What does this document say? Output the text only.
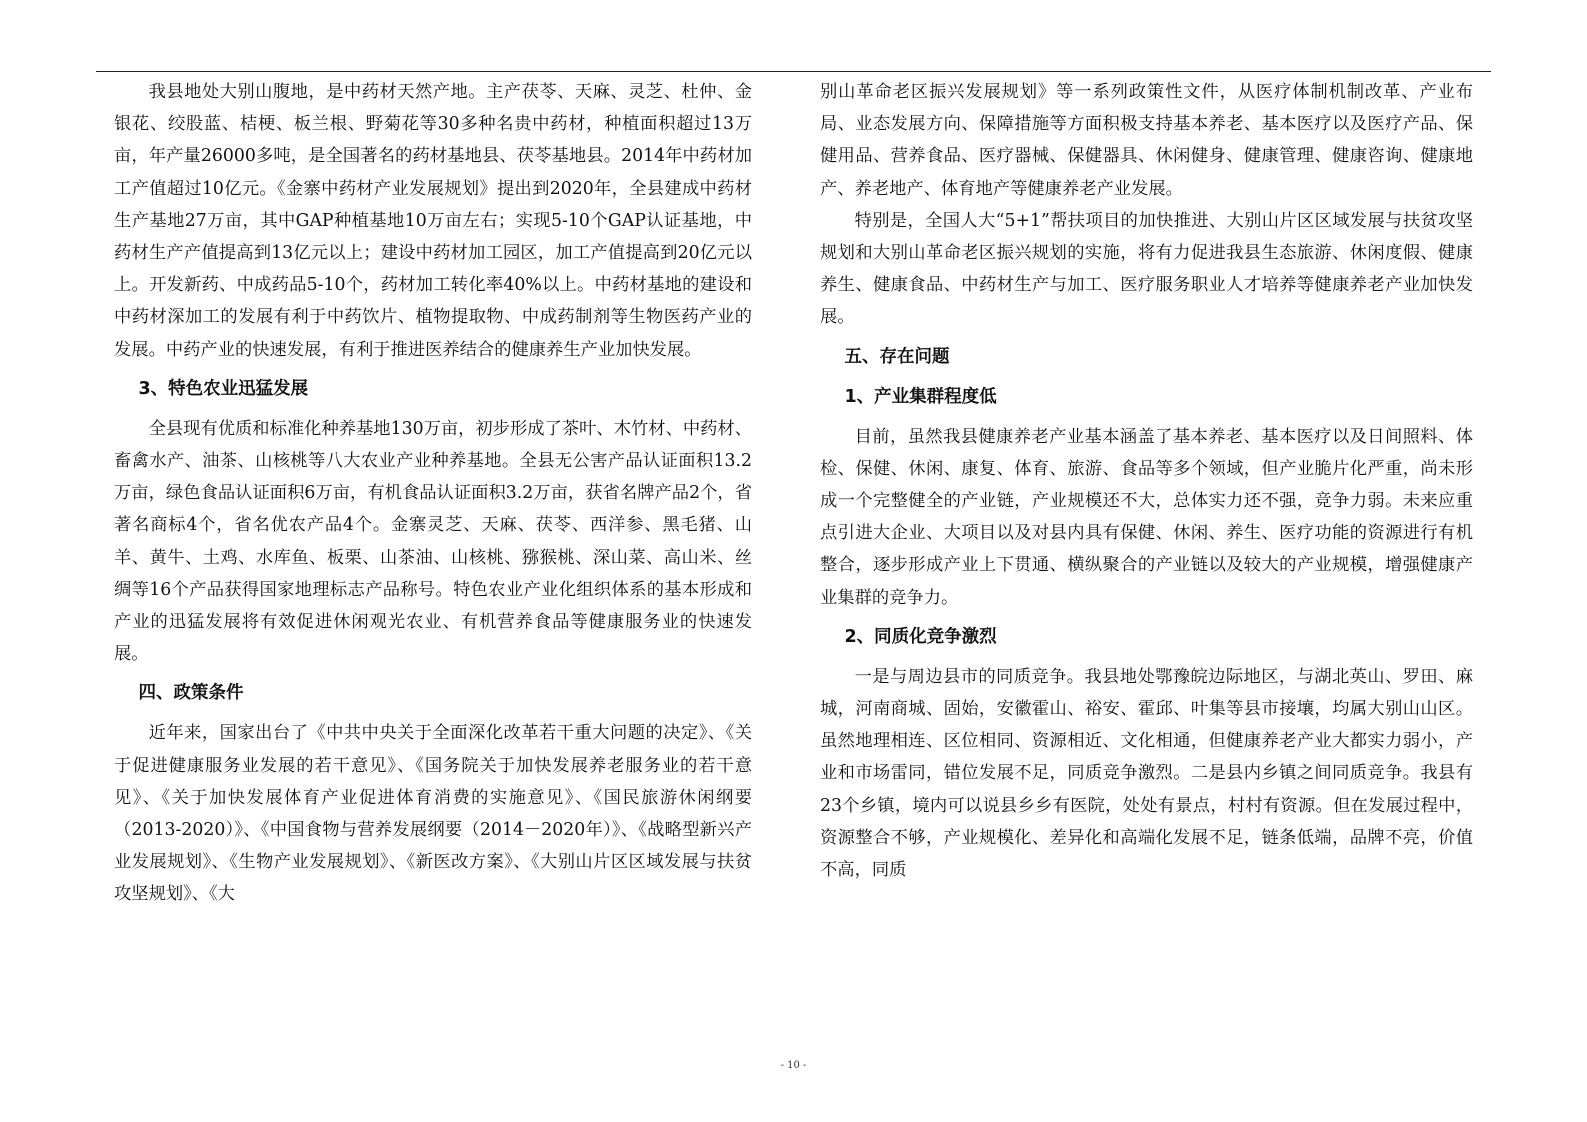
我县地处大别山腹地，是中药材天然产地。主产茯苓、天麻、灵芝、杜仲、金银花、绞股蓝、桔梗、板兰根、野菊花等30多种名贵中药材，种植面积超过13万亩，年产量26000多吨，是全国著名的药材基地县、茯苓基地县。2014年中药材加工产值超过10亿元。《金寨中药材产业发展规划》提出到2020年，全县建成中药材生产基地27万亩，其中GAP种植基地10万亩左右；实现5-10个GAP认证基地，中药材生产产值提高到13亿元以上；建设中药材加工园区，加工产值提高到20亿元以上。开发新药、中成药品5-10个，药材加工转化率40%以上。中药材基地的建设和中药材深加工的发展有利于中药饮片、植物提取物、中成药制剂等生物医药产业的发展。中药产业的快速发展，有利于推进医养结合的健康养生产业加快发展。

3、特色农业迅猛发展

全县现有优质和标准化种养基地130万亩，初步形成了茶叶、木竹材、中药材、畜禽水产、油茶、山核桃等八大农业产业种养基地。全县无公害产品认证面积13.2万亩，绿色食品认证面积6万亩，有机食品认证面积3.2万亩，获省名牌产品2个，省著名商标4个，省名优农产品4个。金寨灵芝、天麻、茯苓、西洋参、黑毛猪、山羊、黄牛、土鸡、水库鱼、板栗、山茶油、山核桃、猕猴桃、深山菜、高山米、丝绸等16个产品获得国家地理标志产品称号。特色农业产业化组织体系的基本形成和产业的迅猛发展将有效促进休闲观光农业、有机营养食品等健康服务业的快速发展。

四、政策条件

近年来，国家出台了《中共中央关于全面深化改革若干重大问题的决定》、《关于促进健康服务业发展的若干意见》、《国务院关于加快发展养老服务业的若干意见》、《关于加快发展体育产业促进体育消费的实施意见》、《国民旅游休闲纲要（2013-2020）》、《中国食物与营养发展纲要（2014－2020年）》、《战略型新兴产业发展规划》、《生物产业发展规划》、《新医改方案》、《大别山片区区域发展与扶贫攻坚规划》、《大

别山革命老区振兴发展规划》等一系列政策性文件，从医疗体制机制改革、产业布局、业态发展方向、保障措施等方面积极支持基本养老、基本医疗以及医疗产品、保健用品、营养食品、医疗器械、保健器具、休闲健身、健康管理、健康咨询、健康地产、养老地产、体育地产等健康养老产业发展。

特别是，全国人大“5+1”帮扶项目的加快推进、大别山片区区域发展与扶贫攻坚规划和大别山革命老区振兴规划的实施，将有力促进我县生态旅游、休闲度假、健康养生、健康食品、中药材生产与加工、医疗服务职业人才培养等健康养老产业加快发展。

五、存在问题
1、产业集群程度低

目前，虽然我县健康养老产业基本涵盖了基本养老、基本医疗以及日间照料、体检、保健、休闲、康复、体育、旅游、食品等多个领域，但产业脆片化严重，尚未形成一个完整健全的产业链，产业规模还不大，总体实力还不强，竞争力弱。未来应重点引进大企业、大项目以及对县内具有保健、休闲、养生、医疗功能的资源进行有机整合，逐步形成产业上下贯通、横纵聚合的产业链以及较大的产业规模，增强健康产业集群的竞争力。

2、同质化竞争激烈

一是与周边县市的同质竞争。我县地处鄂豫皖边际地区，与湖北英山、罗田、麻城，河南商城、固始，安徽霍山、裕安、霍邱、叶集等县市接壤，均属大别山山区。虽然地理相连、区位相同、资源相近、文化相通，但健康养老产业大都实力弱小，产业和市场雷同，错位发展不足，同质竞争激烈。二是县内乡镇之间同质竞争。我县有23个乡镇，境内可以说县乡乡有医院，处处有景点，村村有资源。但在发展过程中，资源整合不够，产业规模化、差异化和高端化发展不足，链条低端，品牌不亮，价值不高，同质

- 10 -
